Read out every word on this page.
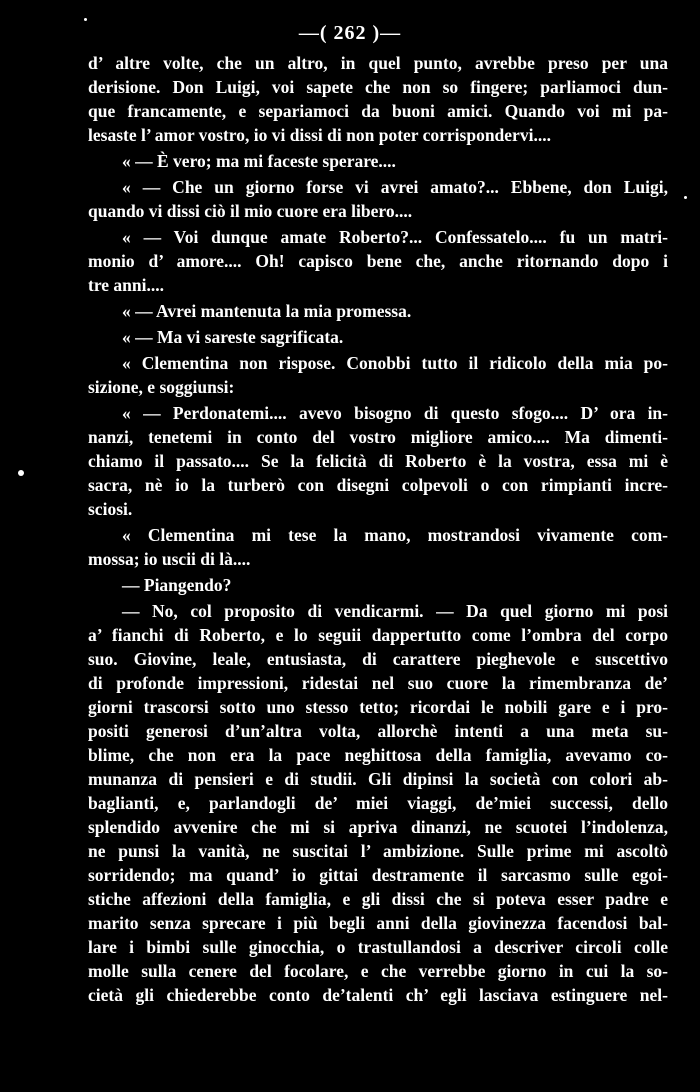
—( 262 )—
d’ altre volte, che un altro, in quel punto, avrebbe preso per una
derisione. Don Luigi, voi sapete che non so fingere; parliamoci dun-
que francamente, e separiamoci da buoni amici. Quando voi mi pa-
lesaste l’ amor vostro, io vi dissi di non poter corrispondervi....
« — È vero; ma mi faceste sperare....
« — Che un giorno forse vi avrei amato?... Ebbene, don Luigi,
quando vi dissi ciò il mio cuore era libero....
« — Voi dunque amate Roberto?... Confessatelo.... fu un matri-
monio d’ amore.... Oh! capisco bene che, anche ritornando dopo i
tre anni....
« — Avrei mantenuta la mia promessa.
« — Ma vi sareste sagrificata.
« Clementina non rispose. Conobbi tutto il ridicolo della mia po-
sizione, e soggiunsi:
« — Perdonatemi.... avevo bisogno di questo sfogo.... D’ ora in-
nanzi, tenetemi in conto del vostro migliore amico.... Ma dimenti-
chiamo il passato.... Se la felicità di Roberto è la vostra, essa mi è
sacra, nè io la turberò con disegni colpevoli o con rimpianti incre-
sciosi.
« Clementina mi tese la mano, mostrandosi vivamente com-
mossa; io uscii di là....
— Piangendo?
— No, col proposito di vendicarmi. — Da quel giorno mi posi
a’ fianchi di Roberto, e lo seguii dappertutto come l’ombra del corpo
suo. Giovine, leale, entusiasta, di carattere pieghevole e suscettivo
di profonde impressioni, ridestai nel suo cuore la rimembranza de’
giorni trascorsi sotto uno stesso tetto; ricordai le nobili gare e i pro-
positi generosi d’un’altra volta, allorchè intenti a una meta su-
blime, che non era la pace neghittosa della famiglia, avevamo co-
munanza di pensieri e di studii. Gli dipinsi la società con colori ab-
baglianti, e, parlandogli de’ miei viaggi, de’miei successi, dello
splendido avvenire che mi si apriva dinanzi, ne scuotei l’indolenza,
ne punsi la vanità, ne suscitai l’ ambizione. Sulle prime mi ascoltò
sorridendo; ma quand’ io gittai destramente il sarcasmo sulle egoi-
stiche affezioni della famiglia, e gli dissi che si poteva esser padre e
marito senza sprecare i più begli anni della giovinezza facendosi bal-
lare i bimbi sulle ginocchia, o trastullandosi a descriver circoli colle
molle sulla cenere del focolare, e che verrebbe giorno in cui la so-
cietà gli chiederebbe conto de’talenti ch’ egli lasciava estinguere nel-
